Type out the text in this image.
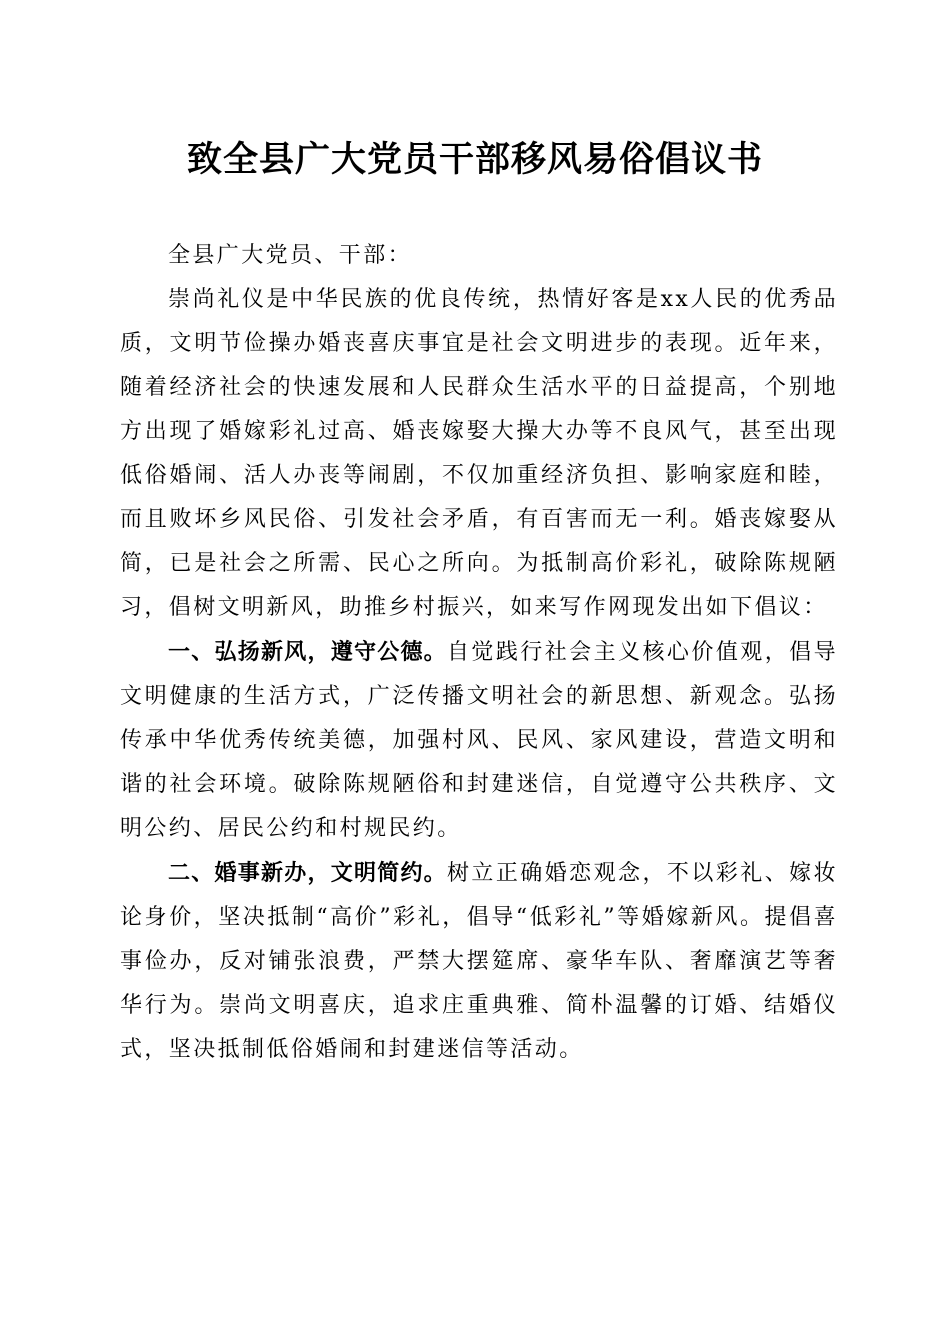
致全县广大党员干部移风易俗倡议书

全县广大党员、干部：

崇尚礼仪是中华民族的优良传统，热情好客是xx人民的优秀品质，文明节俭操办婚丧喜庆事宜是社会文明进步的表现。近年来，随着经济社会的快速发展和人民群众生活水平的日益提高，个别地方出现了婚嫁彩礼过高、婚丧嫁娶大操大办等不良风气，甚至出现低俗婚闹、活人办丧等闹剧，不仅加重经济负担、影响家庭和睦，而且败坏乡风民俗、引发社会矛盾，有百害而无一利。婚丧嫁娶从简，已是社会之所需、民心之所向。为抵制高价彩礼，破除陈规陋习，倡树文明新风，助推乡村振兴，如来写作网现发出如下倡议：

一、弘扬新风，遵守公德。自觉践行社会主义核心价值观，倡导文明健康的生活方式，广泛传播文明社会的新思想、新观念。弘扬传承中华优秀传统美德，加强村风、民风、家风建设，营造文明和谐的社会环境。破除陈规陋俗和封建迷信，自觉遵守公共秩序、文明公约、居民公约和村规民约。

二、婚事新办，文明简约。树立正确婚恋观念，不以彩礼、嫁妆论身价，坚决抵制“高价”彩礼，倡导“低彩礼”等婚嫁新风。提倡喜事俭办，反对铺张浪费，严禁大摆筵席、豪华车队、奢靡演艺等奢华行为。崇尚文明喜庆，追求庄重典雅、简朴温馨的订婚、结婚仪式，坚决抵制低俗婚闹和封建迷信等活动。
